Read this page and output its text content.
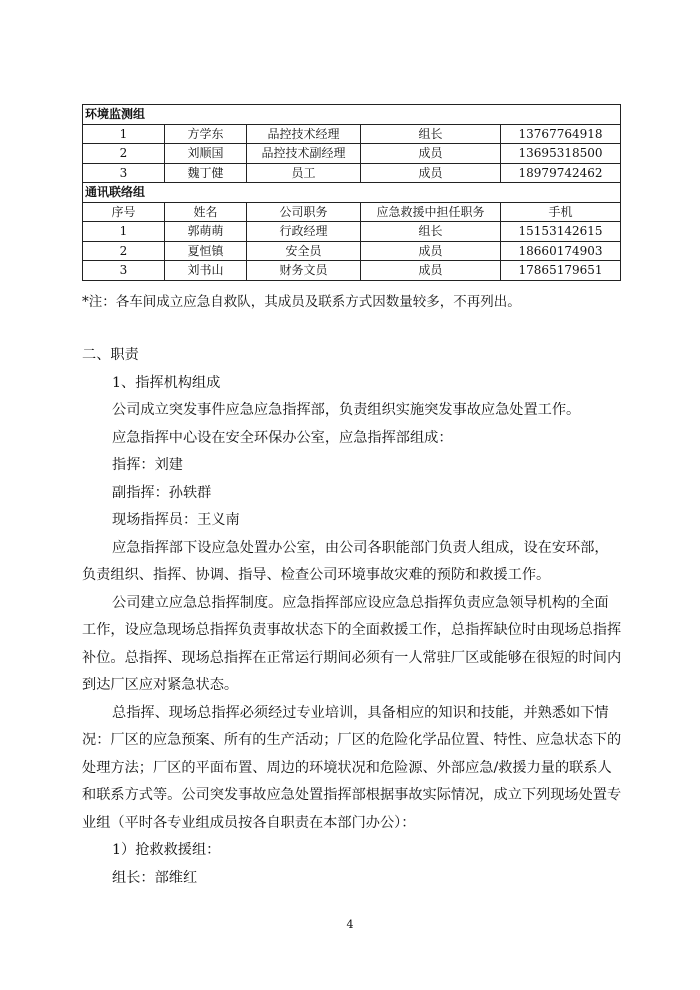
环境监测组				
1	方学东	品控技术经理	组长	13767764918
2	刘顺国	品控技术副经理	成员	13695318500
3	魏丁健	员工	成员	18979742462
通讯联络组				
序号	姓名	公司职务	应急救援中担任职务	手机
1	郭萌萌	行政经理	组长	15153142615
2	夏恒镇	安全员	成员	18660174903
3	刘书山	财务文员	成员	17865179651
*注：各车间成立应急自救队，其成员及联系方式因数量较多，不再列出。

二、职责

1、指挥机构组成

公司成立突发事件应急应急指挥部，负责组织实施突发事故应急处置工作。

应急指挥中心设在安全环保办公室，应急指挥部组成：

指挥：刘建

副指挥：孙轶群

现场指挥员：王义南

应急指挥部下设应急处置办公室，由公司各职能部门负责人组成，设在安环部，负责组织、指挥、协调、指导、检查公司环境事故灾难的预防和救援工作。

公司建立应急总指挥制度。应急指挥部应设应急总指挥负责应急领导机构的全面工作，设应急现场总指挥负责事故状态下的全面救援工作，总指挥缺位时由现场总指挥补位。总指挥、现场总指挥在正常运行期间必须有一人常驻厂区或能够在很短的时间内到达厂区应对紧急状态。

总指挥、现场总指挥必须经过专业培训，具备相应的知识和技能，并熟悉如下情况：厂区的应急预案、所有的生产活动；厂区的危险化学品位置、特性、应急状态下的处理方法；厂区的平面布置、周边的环境状况和危险源、外部应急/救援力量的联系人和联系方式等。公司突发事故应急处置指挥部根据事故实际情况，成立下列现场处置专业组（平时各专业组成员按各自职责在本部门办公）：

1）抢救救援组：

组长：部维红

4
